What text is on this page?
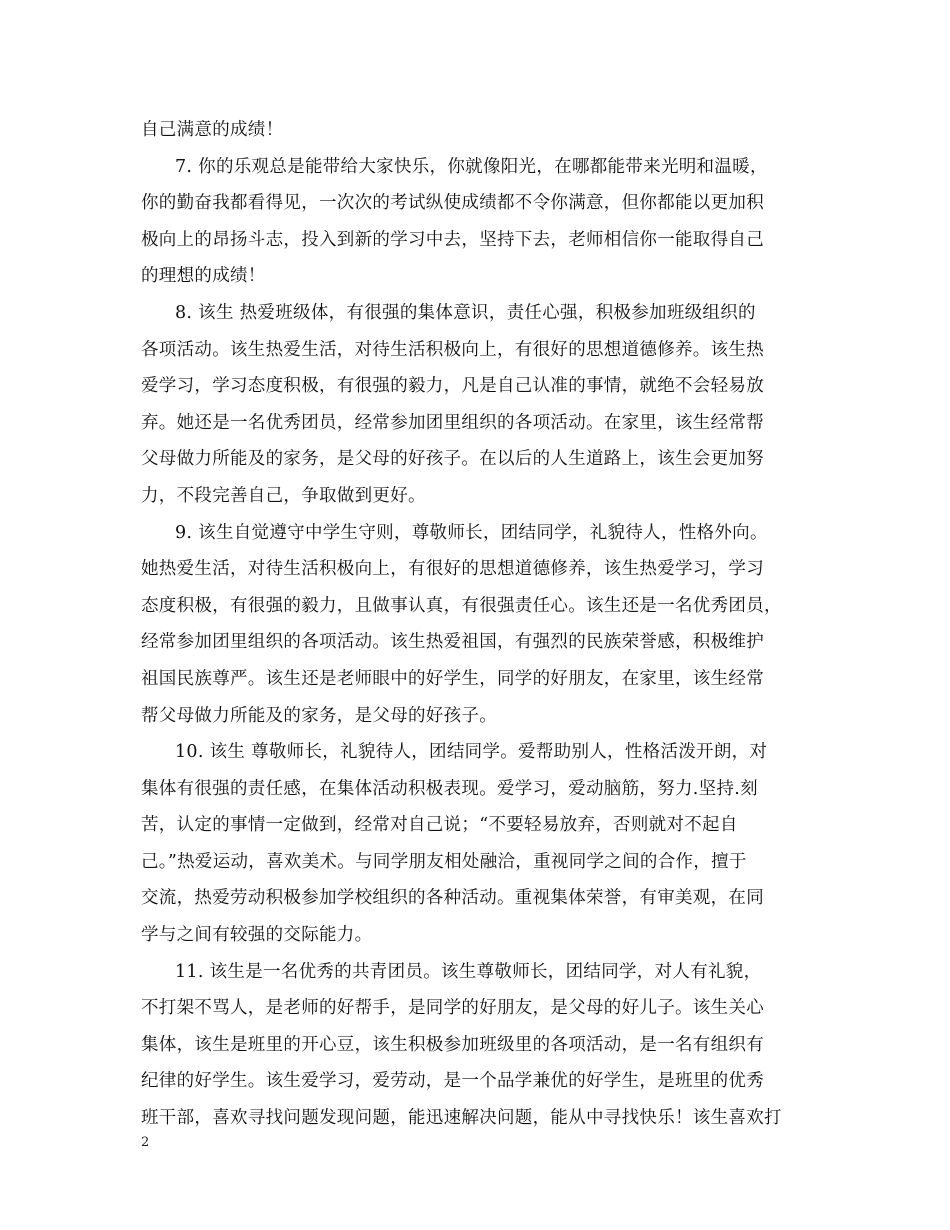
自己满意的成绩！
7. 你的乐观总是能带给大家快乐，你就像阳光，在哪都能带来光明和温暖，
你的勤奋我都看得见，一次次的考试纵使成绩都不令你满意，但你都能以更加积
极向上的昂扬斗志，投入到新的学习中去，坚持下去，老师相信你一能取得自己
的理想的成绩！
8. 该生 热爱班级体，有很强的集体意识，责任心强，积极参加班级组织的
各项活动。该生热爱生活，对待生活积极向上，有很好的思想道德修养。该生热
爱学习，学习态度积极，有很强的毅力，凡是自己认准的事情，就绝不会轻易放
弃。她还是一名优秀团员，经常参加团里组织的各项活动。在家里，该生经常帮
父母做力所能及的家务，是父母的好孩子。在以后的人生道路上，该生会更加努
力，不段完善自己，争取做到更好。
9. 该生自觉遵守中学生守则，尊敬师长，团结同学，礼貌待人，性格外向。
她热爱生活，对待生活积极向上，有很好的思想道德修养，该生热爱学习，学习
态度积极，有很强的毅力，且做事认真，有很强责任心。该生还是一名优秀团员，
经常参加团里组织的各项活动。该生热爱祖国，有强烈的民族荣誉感，积极维护
祖国民族尊严。该生还是老师眼中的好学生，同学的好朋友，在家里，该生经常
帮父母做力所能及的家务，是父母的好孩子。
10. 该生 尊敬师长，礼貌待人，团结同学。爱帮助别人，性格活泼开朗，对
集体有很强的责任感，在集体活动积极表现。爱学习，爱动脑筋，努力.坚持.刻
苦，认定的事情一定做到，经常对自己说；“不要轻易放弃，否则就对不起自
己。”热爱运动，喜欢美术。与同学朋友相处融洽，重视同学之间的合作，擅于
交流，热爱劳动积极参加学校组织的各种活动。重视集体荣誉，有审美观，在同
学与之间有较强的交际能力。
11. 该生是一名优秀的共青团员。该生尊敬师长，团结同学，对人有礼貌，
不打架不骂人，是老师的好帮手，是同学的好朋友，是父母的好儿子。该生关心
集体，该生是班里的开心豆，该生积极参加班级里的各项活动，是一名有组织有
纪律的好学生。该生爱学习，爱劳动，是一个品学兼优的好学生，是班里的优秀
班干部，喜欢寻找问题发现问题，能迅速解决问题，能从中寻找快乐！该生喜欢打
2
